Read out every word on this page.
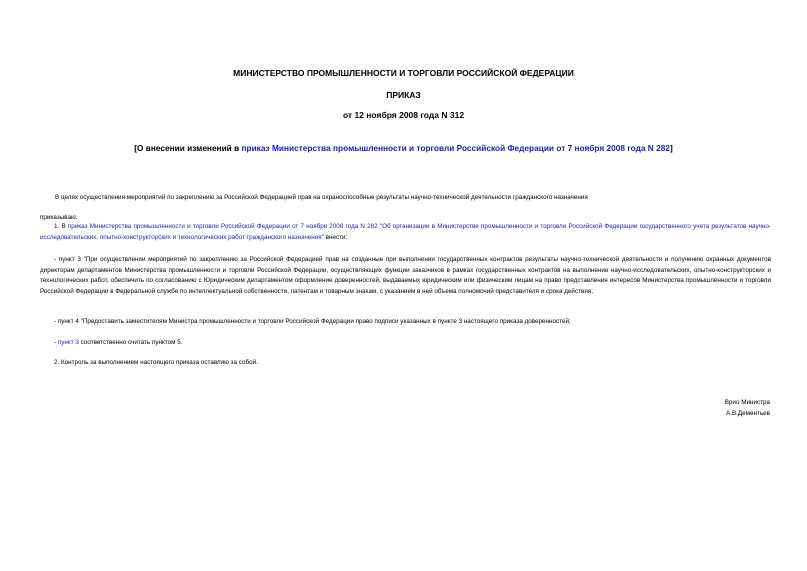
МИНИСТЕРСТВО ПРОМЫШЛЕННОСТИ И ТОРГОВЛИ РОССИЙСКОЙ ФЕДЕРАЦИИ
ПРИКАЗ
от 12 ноября 2008 года N 312
[О внесении изменений в приказ Министерства промышленности и торговли Российской Федерации от 7 ноября 2008 года N 282]
В целях осуществления мероприятий по закреплению за Российской Федерацией прав на охраноспособные результаты научно-технической деятельности гражданского назначения
приказываю:
1. В приказ Министерства промышленности и торговли Российской Федерации от 7 ноября 2008 года N 282 "Об организации в Министерстве промышленности и торговли Российской Федерации государственного учета результатов научно-исследовательских, опытно-конструкторских и технологических работ гражданского назначения" внести:
- пункт 3 "При осуществлении мероприятий по закреплению за Российской Федерацией прав на созданные при выполнении государственных контрактов результаты научно-технической деятельности и получению охранных документов директорам департаментов Министерства промышленности и торговли Российской Федерации, осуществляющих функции заказчиков в рамках государственных контрактов на выполнение научно-исследовательских, опытно-конструкторских и технологических работ, обеспечить по согласованию с Юридическим департаментом оформление доверенностей, выдаваемых юридическим или физическим лицам на право представления интересов Министерства промышленности и торговли Российской Федерации в Федеральной службе по интеллектуальной собственности, патентам и товарным знакам, с указанием в ней объема полномочий представителя и срока действия;
- пункт 4 "Предоставить заместителям Министра промышленности и торговли Российской Федерации право подписи указанных в пункте 3 настоящего приказа доверенностей;
- пункт 3 соответственно считать пунктом 5.
2. Контроль за выполнением настоящего приказа оставляю за собой.
Врио Министра
А.В.Дементьев
